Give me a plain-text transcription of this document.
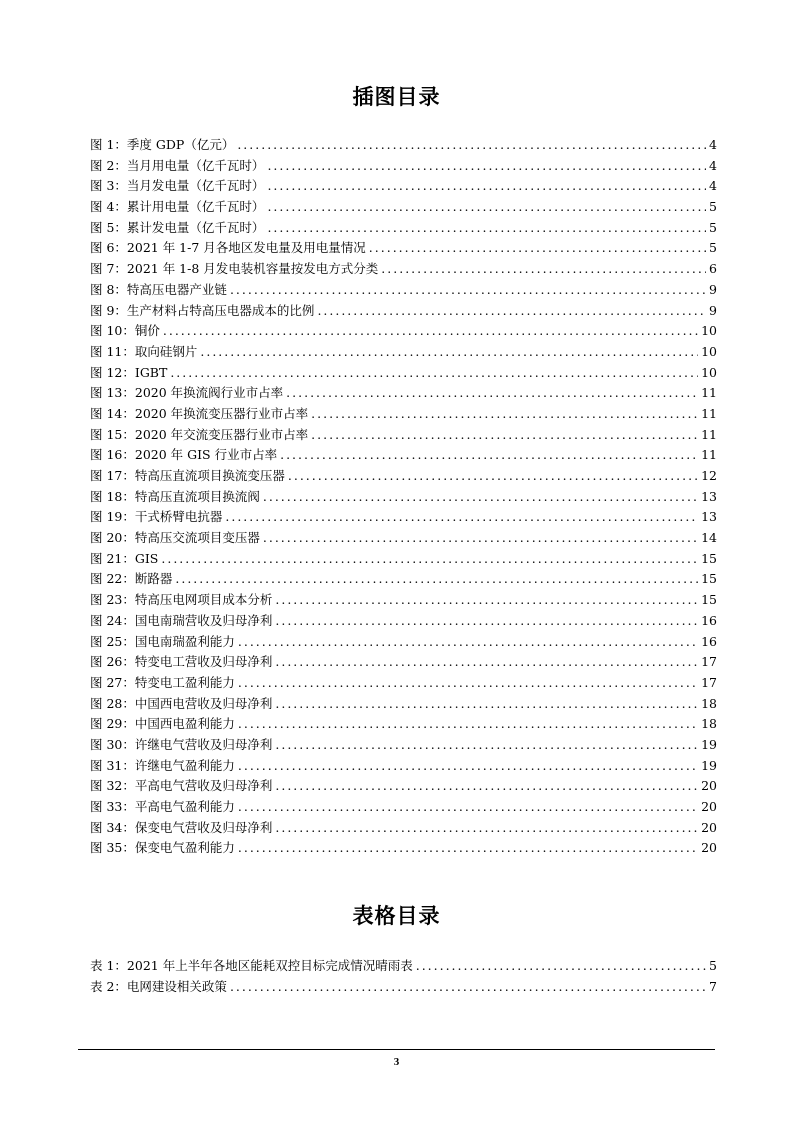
插图目录
图 1：季度 GDP（亿元） .....	4
图 2：当月用电量（亿千瓦时） .....	4
图 3：当月发电量（亿千瓦时） .....	4
图 4：累计用电量（亿千瓦时） .....	5
图 5：累计发电量（亿千瓦时） .....	5
图 6：2021 年 1-7 月各地区发电量及用电量情况 .....	5
图 7：2021 年 1-8 月发电装机容量按发电方式分类 .....	6
图 8：特高压电器产业链 .....	9
图 9：生产材料占特高压电器成本的比例 .....	9
图 10：铜价 .....	10
图 11：取向硅钢片 .....	10
图 12：IGBT .....	10
图 13：2020 年换流阀行业市占率 .....	11
图 14：2020 年换流变压器行业市占率 .....	11
图 15：2020 年交流变压器行业市占率 .....	11
图 16：2020 年 GIS 行业市占率 .....	11
图 17：特高压直流项目换流变压器 .....	12
图 18：特高压直流项目换流阀 .....	13
图 19：干式桥臂电抗器 .....	13
图 20：特高压交流项目变压器 .....	14
图 21：GIS .....	15
图 22：断路器 .....	15
图 23：特高压电网项目成本分析 .....	15
图 24：国电南瑞营收及归母净利 .....	16
图 25：国电南瑞盈利能力 .....	16
图 26：特变电工营收及归母净利 .....	17
图 27：特变电工盈利能力 .....	17
图 28：中国西电营收及归母净利 .....	18
图 29：中国西电盈利能力 .....	18
图 30：许继电气营收及归母净利 .....	19
图 31：许继电气盈利能力 .....	19
图 32：平高电气营收及归母净利 .....	20
图 33：平高电气盈利能力 .....	20
图 34：保变电气营收及归母净利 .....	20
图 35：保变电气盈利能力 .....	20
表格目录
表 1：2021 年上半年各地区能耗双控目标完成情况晴雨表 .....	5
表 2：电网建设相关政策 .....	7
3
